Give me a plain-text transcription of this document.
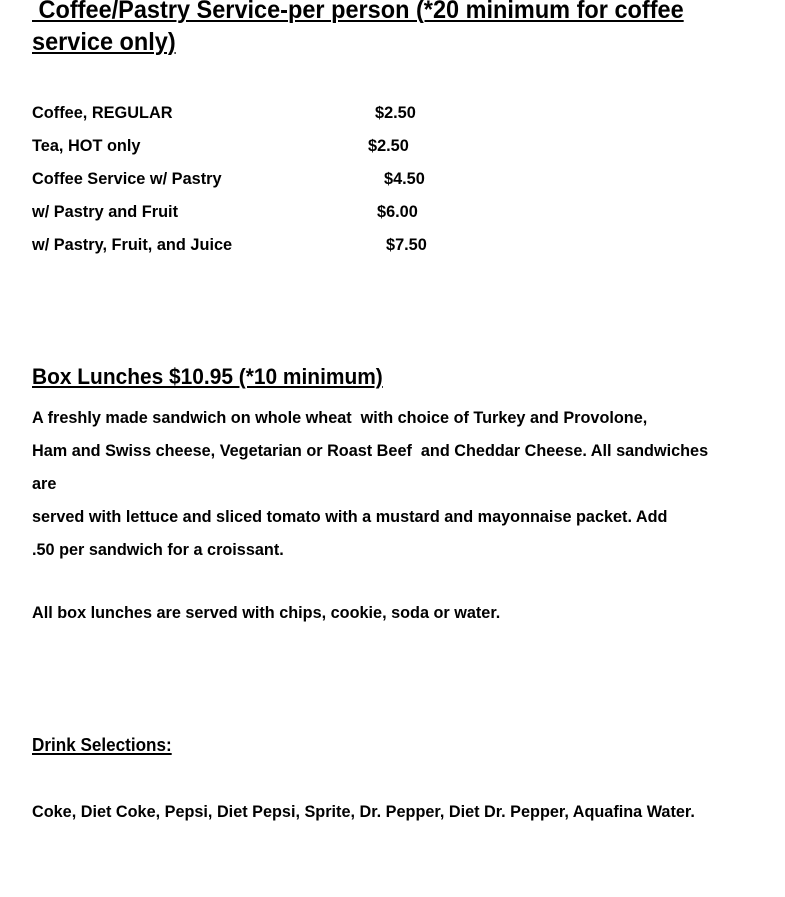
Coffee/Pastry Service-per person (*20 minimum for coffee
service only)
Coffee, REGULAR	$2.50
Tea, HOT only	$2.50
Coffee Service w/ Pastry	$4.50
w/ Pastry and Fruit	$6.00
w/ Pastry, Fruit, and Juice	$7.50
Box Lunches $10.95 (*10 minimum)
A freshly made sandwich on whole wheat  with choice of Turkey and Provolone,
Ham and Swiss cheese, Vegetarian or Roast Beef  and Cheddar Cheese. All sandwiches
are
served with lettuce and sliced tomato with a mustard and mayonnaise packet. Add
.50 per sandwich for a croissant.
All box lunches are served with chips, cookie, soda or water.
Drink Selections:
Coke, Diet Coke, Pepsi, Diet Pepsi, Sprite, Dr. Pepper, Diet Dr. Pepper, Aquafina Water.
